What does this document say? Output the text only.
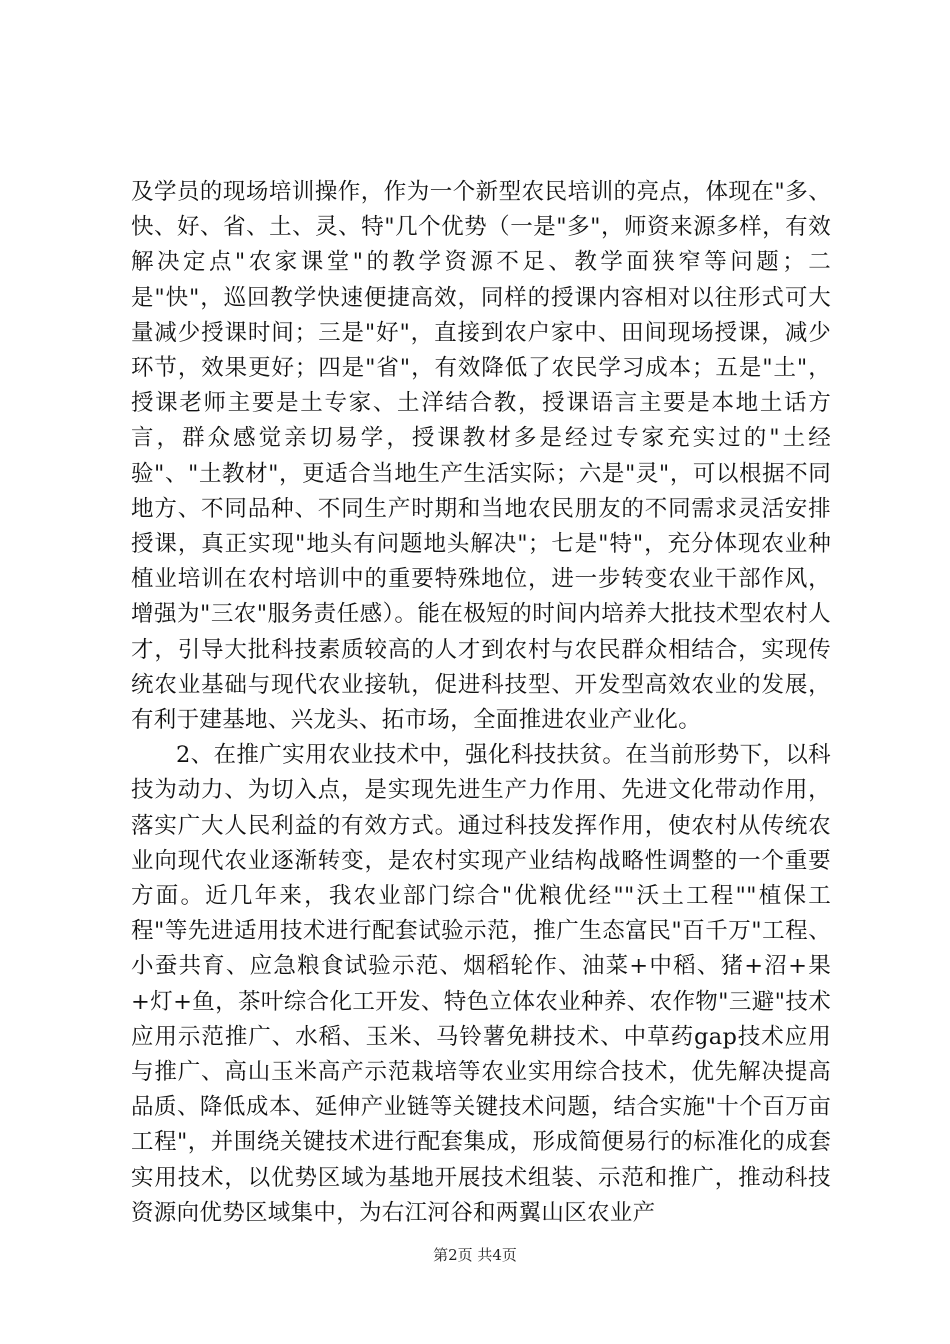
及学员的现场培训操作，作为一个新型农民培训的亮点，体现在"多、快、好、省、土、灵、特"几个优势（一是"多"，师资来源多样，有效解决定点"农家课堂"的教学资源不足、教学面狭窄等问题；二是"快"，巡回教学快速便捷高效，同样的授课内容相对以往形式可大量减少授课时间；三是"好"，直接到农户家中、田间现场授课，减少环节，效果更好；四是"省"，有效降低了农民学习成本；五是"土"，授课老师主要是土专家、土洋结合教，授课语言主要是本地土话方言，群众感觉亲切易学，授课教材多是经过专家充实过的"土经验"、"土教材"，更适合当地生产生活实际；六是"灵"，可以根据不同地方、不同品种、不同生产时期和当地农民朋友的不同需求灵活安排授课，真正实现"地头有问题地头解决"；七是"特"，充分体现农业种植业培训在农村培训中的重要特殊地位，进一步转变农业干部作风，增强为"三农"服务责任感）。能在极短的时间内培养大批技术型农村人才，引导大批科技素质较高的人才到农村与农民群众相结合，实现传统农业基础与现代农业接轨，促进科技型、开发型高效农业的发展，有利于建基地、兴龙头、拓市场，全面推进农业产业化。

2、在推广实用农业技术中，强化科技扶贫。在当前形势下，以科技为动力、为切入点，是实现先进生产力作用、先进文化带动作用，落实广大人民利益的有效方式。通过科技发挥作用，使农村从传统农业向现代农业逐渐转变，是农村实现产业结构战略性调整的一个重要方面。近几年来，我农业部门综合"优粮优经""沃土工程""植保工程"等先进适用技术进行配套试验示范，推广生态富民"百千万"工程、小蚕共育、应急粮食试验示范、烟稻轮作、油菜+中稻、猪+沼+果+灯+鱼，茶叶综合化工开发、特色立体农业种养、农作物"三避"技术应用示范推广、水稻、玉米、马铃薯免耕技术、中草药gap技术应用与推广、高山玉米高产示范栽培等农业实用综合技术，优先解决提高品质、降低成本、延伸产业链等关键技术问题，结合实施"十个百万亩工程"，并围绕关键技术进行配套集成，形成简便易行的标准化的成套实用技术，以优势区域为基地开展技术组装、示范和推广，推动科技资源向优势区域集中，为右江河谷和两翼山区农业产

第2页 共4页
